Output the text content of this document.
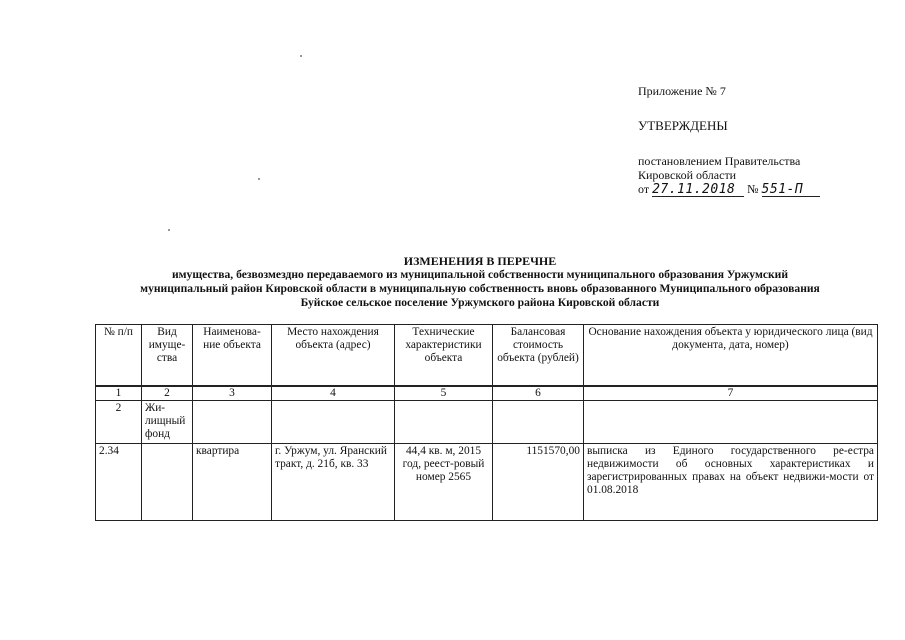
Приложение № 7

УТВЕРЖДЕНЫ

постановлением Правительства

Кировской области

от 27.11.2018 № 551-П

ИЗМЕНЕНИЯ В ПЕРЕЧНЕ
имущества, безвозмездно передаваемого из муниципальной собственности муниципального образования Уржумский
муниципальный район Кировской области в муниципальную собственность вновь образованного Муниципального образования
Буйское сельское поселение Уржумского района Кировской области
№ п/п	Вид имуще-ства	Наименова-ние объекта	Место нахождения объекта (адрес)	Технические характеристики объекта	Балансовая стоимость объекта (рублей)	Основание нахождения объекта у юридического лица (вид документа, дата, номер)
1	2	3	4	5	6	7
2	Жи-лищный фонд					
2.34		квартира	г. Уржум, ул. Яранский тракт, д. 21б, кв. 33	44,4 кв. м, 2015 год, реест-ровый номер 2565	1151570,00	выписка из Единого государственного ре-естра недвижимости об основных характеристиках и зарегистрированных правах на объект недвижи-мости от 01.08.2018
